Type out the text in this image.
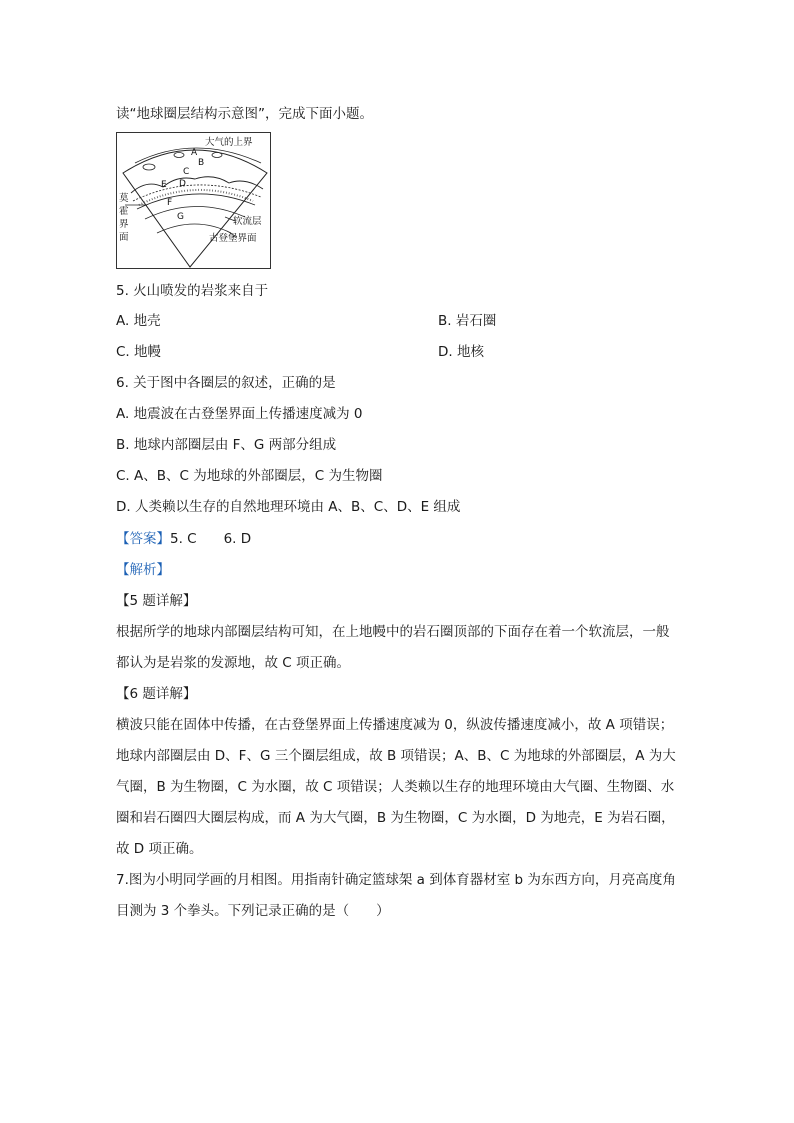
读“地球圈层结构示意图”，完成下面小题。
大气的上界
A
B
C
E D
F
G
莫
霍
界
面
软流层
古登堡界面
5. 火山喷发的岩浆来自于
A. 地壳	B. 岩石圈
C. 地幔	D. 地核
6. 关于图中各圈层的叙述，正确的是
A. 地震波在古登堡界面上传播速度减为 0
B. 地球内部圈层由 F、G 两部分组成
C. A、B、C 为地球的外部圈层，C 为生物圈
D. 人类赖以生存的自然地理环境由 A、B、C、D、E 组成
【答案】5. C　　6. D
【解析】
【5 题详解】
根据所学的地球内部圈层结构可知，在上地幔中的岩石圈顶部的下面存在着一个软流层，一般都认为是岩浆的发源地，故 C 项正确。
【6 题详解】
横波只能在固体中传播，在古登堡界面上传播速度减为 0，纵波传播速度减小，故 A 项错误；地球内部圈层由 D、F、G 三个圈层组成，故 B 项错误；A、B、C 为地球的外部圈层，A 为大气圈，B 为生物圈，C 为水圈，故 C 项错误；人类赖以生存的地理环境由大气圈、生物圈、水圈和岩石圈四大圈层构成，而 A 为大气圈，B 为生物圈，C 为水圈，D 为地壳，E 为岩石圈，故 D 项正确。
7.图为小明同学画的月相图。用指南针确定篮球架 a 到体育器材室 b 为东西方向，月亮高度角目测为 3 个拳头。下列记录正确的是（　　）
